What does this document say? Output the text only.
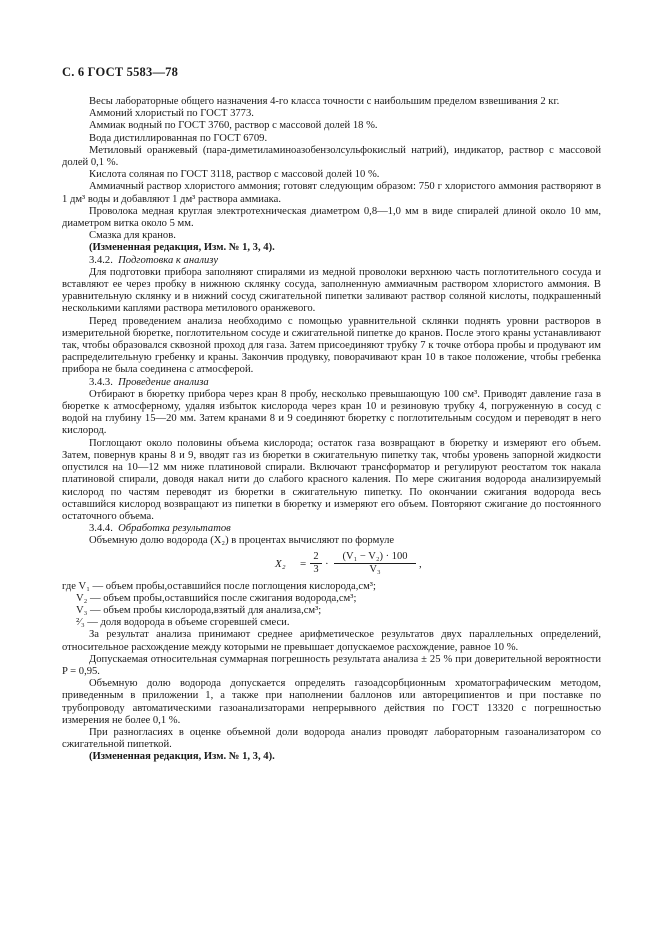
С. 6 ГОСТ 5583—78

Весы лабораторные общего назначения 4-го класса точности с наибольшим пределом взвешивания 2 кг.

Аммоний хлористый по ГОСТ 3773.

Аммиак водный по ГОСТ 3760, раствор с массовой долей 18 %.

Вода дистиллированная по ГОСТ 6709.

Метиловый оранжевый (пара-диметиламиноазобензолсульфокислый натрий), индикатор, раствор с массовой долей 0,1 %.

Кислота соляная по ГОСТ 3118, раствор с массовой долей 10 %.

Аммиачный раствор хлористого аммония; готовят следующим образом: 750 г хлористого аммония растворяют в 1 дм³ воды и добавляют 1 дм³ раствора аммиака.

Проволока медная круглая электротехническая диаметром 0,8—1,0 мм в виде спиралей длиной около 10 мм, диаметром витка около 5 мм.

Смазка для кранов.

(Измененная редакция, Изм. № 1, 3, 4).

3.4.2. Подготовка к анализу

Для подготовки прибора заполняют спиралями из медной проволоки верхнюю часть поглотительного сосуда и вставляют ее через пробку в нижнюю склянку сосуда, заполненную аммиачным раствором хлористого аммония. В уравнительную склянку и в нижний сосуд сжигательной пипетки заливают раствор соляной кислоты, подкрашенный несколькими каплями раствора метилового оранжевого.

Перед проведением анализа необходимо с помощью уравнительной склянки поднять уровни растворов в измерительной бюретке, поглотительном сосуде и сжигательной пипетке до кранов. После этого краны устанавливают так, чтобы образовался сквозной проход для газа. Затем присоединяют трубку 7 к точке отбора пробы и продувают им распределительную гребенку и краны. Закончив продувку, поворачивают кран 10 в такое положение, чтобы гребенка прибора не была соединена с атмосферой.

3.4.3. Проведение анализа

Отбирают в бюретку прибора через кран 8 пробу, несколько превышающую 100 см³. Приводят давление газа в бюретке к атмосферному, удаляя избыток кислорода через кран 10 и резиновую трубку 4, погруженную в сосуд с водой на глубину 15—20 мм. Затем кранами 8 и 9 соединяют бюретку с поглотительным сосудом и переводят в него кислород.

Поглощают около половины объема кислорода; остаток газа возвращают в бюретку и измеряют его объем. Затем, повернув краны 8 и 9, вводят газ из бюретки в сжигательную пипетку так, чтобы уровень запорной жидкости опустился на 10—12 мм ниже платиновой спирали. Включают трансформатор и регулируют реостатом ток накала платиновой спирали, доводя накал нити до слабого красного каления. По мере сжигания водорода анализируемый кислород по частям переводят из бюретки в сжигательную пипетку. По окончании сжигания водорода весь оставшийся кислород возвращают из пипетки в бюретку и измеряют его объем. Повторяют сжигание до постоянного остаточного объема.

3.4.4. Обработка результатов

Объемную долю водорода (X₂) в процентах вычисляют по формуле

$X_2 = \frac{2}{3} \cdot \frac{\text{(V₁ − V₂) · 100}}{\text{V₃}}$ ,

где V₁ — объем пробы,оставшийся после поглощения кислорода,см³;

V₂ — объем пробы,оставшийся после сжигания водорода,см³;

V₃ — объем пробы кислорода,взятый для анализа,см³;

²⁄₃ — доля водорода в объеме сгоревшей смеси.

За результат анализа принимают среднее арифметическое результатов двух параллельных определений, относительное расхождение между которыми не превышает допускаемое расхождение, равное 10 %.

Допускаемая относительная суммарная погрешность результата анализа ± 25 % при доверительной вероятности P = 0,95.

Объемную долю водорода допускается определять газоадсорбционным хроматографическим методом, приведенным в приложении 1, а также при наполнении баллонов или автореципиентов и при поставке по трубопроводу автоматическими газоанализаторами непрерывного действия по ГОСТ 13320 с погрешностью измерения не более 0,1 %.

При разногласиях в оценке объемной доли водорода анализ проводят лабораторным газоанализатором со сжигательной пипеткой.

(Измененная редакция, Изм. № 1, 3, 4).
